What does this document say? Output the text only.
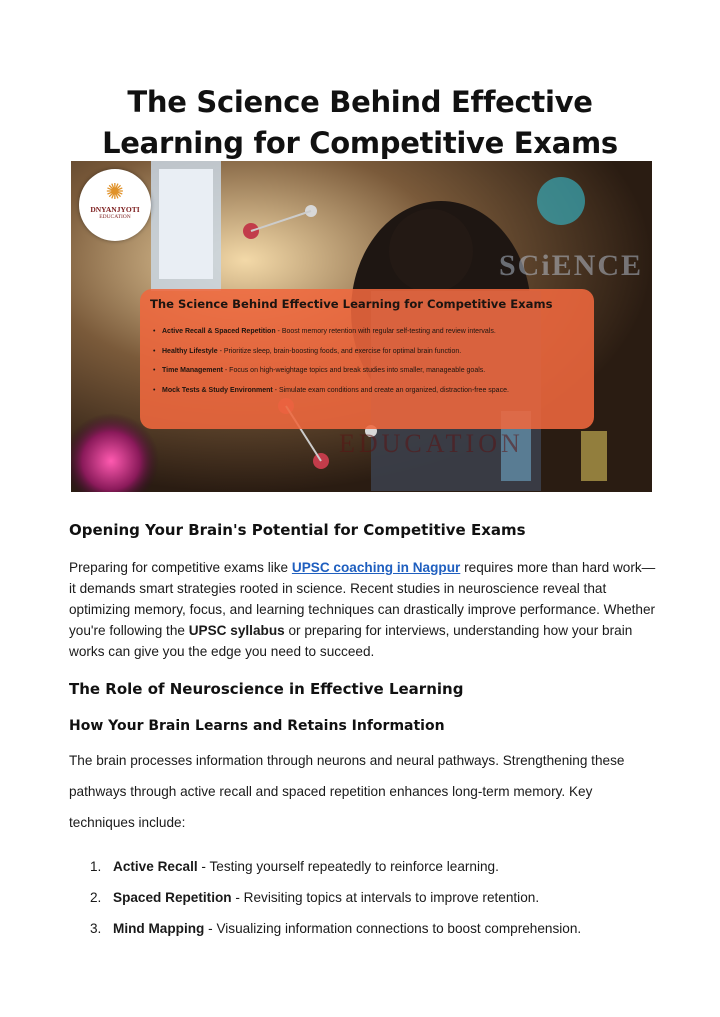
The Science Behind Effective
Learning for Competitive Exams
✺
DNYANJYOTI
EDUCATION
SCiENCE
EDUCATION
The Science Behind Effective Learning for Competitive Exams
• Active Recall & Spaced Repetition - Boost memory retention with regular self-testing and review intervals.
• Healthy Lifestyle - Prioritize sleep, brain-boosting foods, and exercise for optimal brain function.
• Time Management - Focus on high-weightage topics and break studies into smaller, manageable goals.
• Mock Tests & Study Environment - Simulate exam conditions and create an organized, distraction-free space.
Opening Your Brain's Potential for Competitive Exams

Preparing for competitive exams like UPSC coaching in Nagpur requires more than hard work—it demands smart strategies rooted in science. Recent studies in neuroscience reveal that optimizing memory, focus, and learning techniques can drastically improve performance. Whether you're following the UPSC syllabus or preparing for interviews, understanding how your brain works can give you the edge you need to succeed.

The Role of Neuroscience in Effective Learning
How Your Brain Learns and Retains Information

The brain processes information through neurons and neural pathways. Strengthening these pathways through active recall and spaced repetition enhances long-term memory. Key techniques include:

1. Active Recall - Testing yourself repeatedly to reinforce learning.
2. Spaced Repetition - Revisiting topics at intervals to improve retention.
3. Mind Mapping - Visualizing information connections to boost comprehension.
